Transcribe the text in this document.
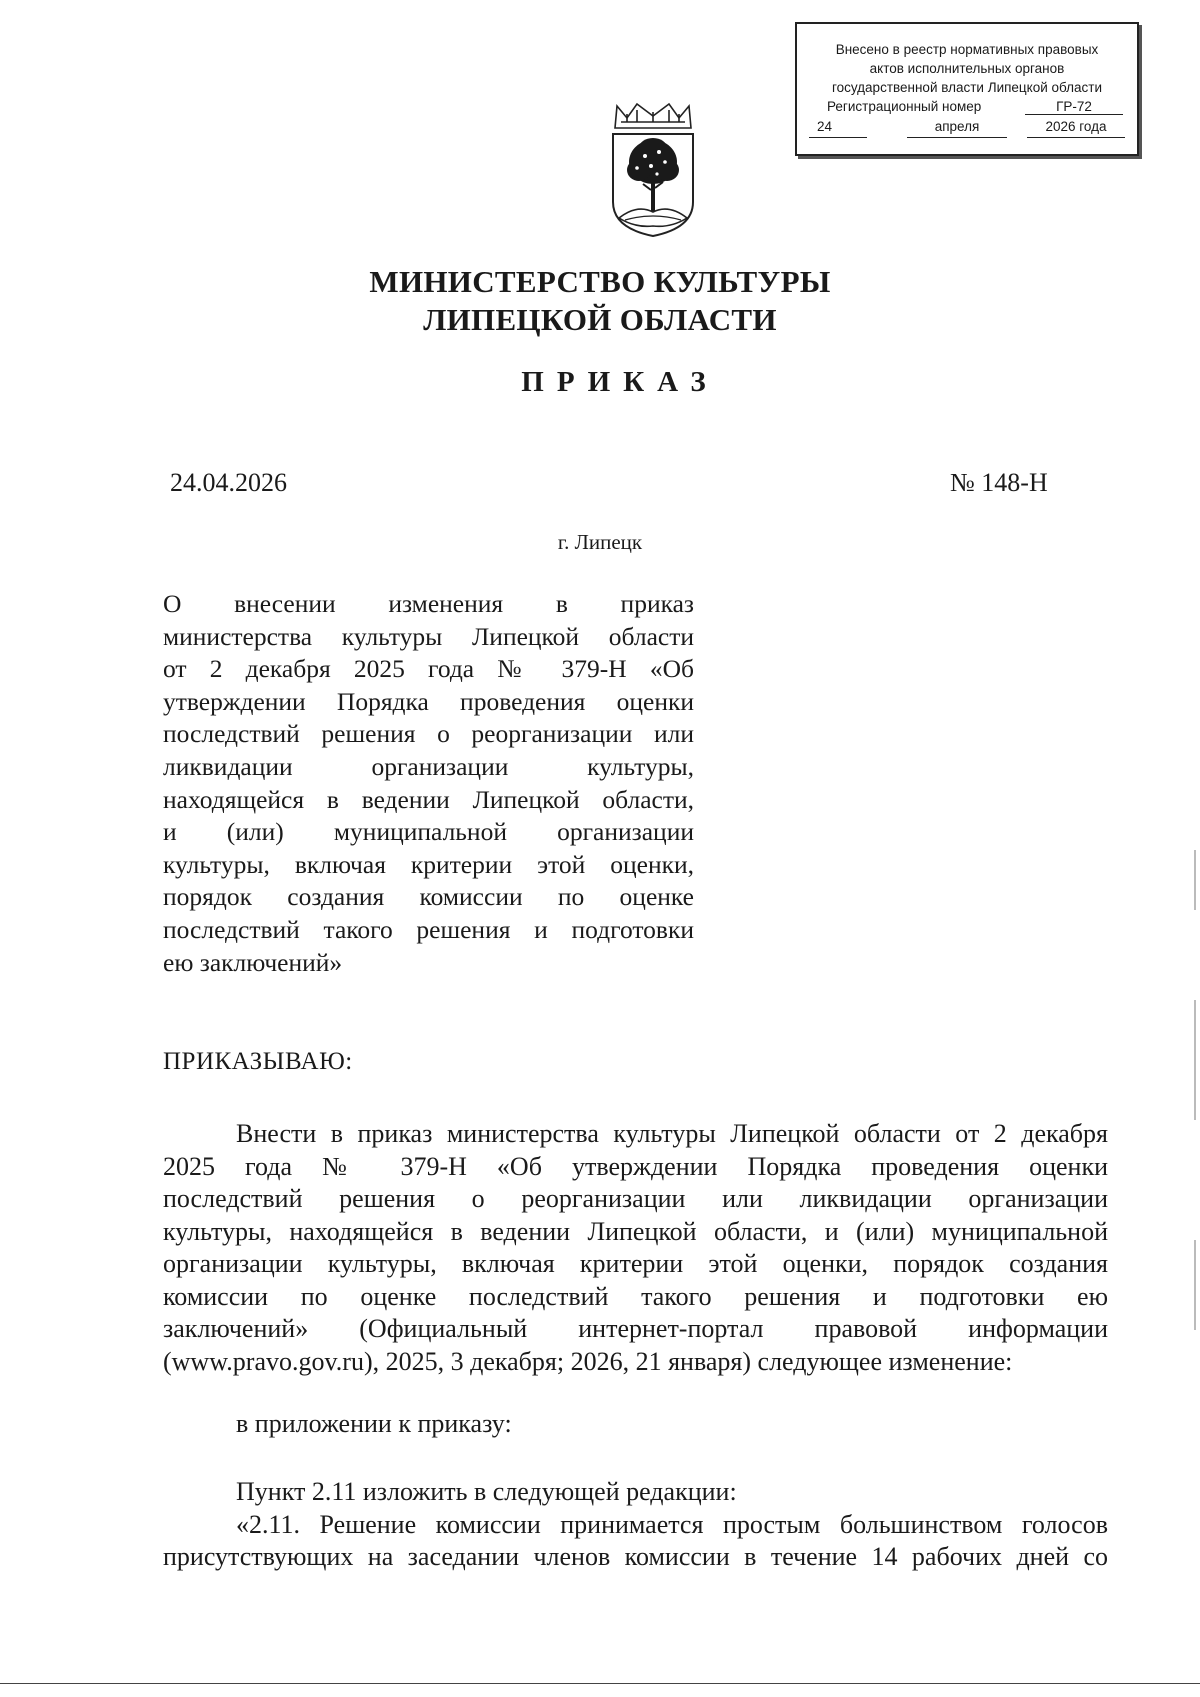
Внесено в реестр нормативных правовых
актов исполнительных органов
государственной власти Липецкой области
Регистрационный номер	ГР-72
24	апреля	2026 года
МИНИСТЕРСТВО КУЛЬТУРЫ
ЛИПЕЦКОЙ ОБЛАСТИ
ПРИКАЗ
24.04.2026	№ 148-Н
г. Липецк
О внесении изменения в приказ
министерства культуры Липецкой области
от 2 декабря 2025 года № 379-Н «Об
утверждении Порядка проведения оценки
последствий решения о реорганизации или
ликвидации организации культуры,
находящейся в ведении Липецкой области,
и (или) муниципальной организации
культуры, включая критерии этой оценки,
порядок создания комиссии по оценке
последствий такого решения и подготовки
ею заключений»
ПРИКАЗЫВАЮ:
Внести в приказ министерства культуры Липецкой области от 2 декабря
2025 года № 379-Н «Об утверждении Порядка проведения оценки
последствий решения о реорганизации или ликвидации организации
культуры, находящейся в ведении Липецкой области, и (или) муниципальной
организации культуры, включая критерии этой оценки, порядок создания
комиссии по оценке последствий такого решения и подготовки ею
заключений» (Официальный интернет-портал правовой информации
(www.pravo.gov.ru), 2025, 3 декабря; 2026, 21 января) следующее изменение:
в приложении к приказу:
Пункт 2.11 изложить в следующей редакции:
«2.11. Решение комиссии принимается простым большинством голосов
присутствующих на заседании членов комиссии в течение 14 рабочих дней со
